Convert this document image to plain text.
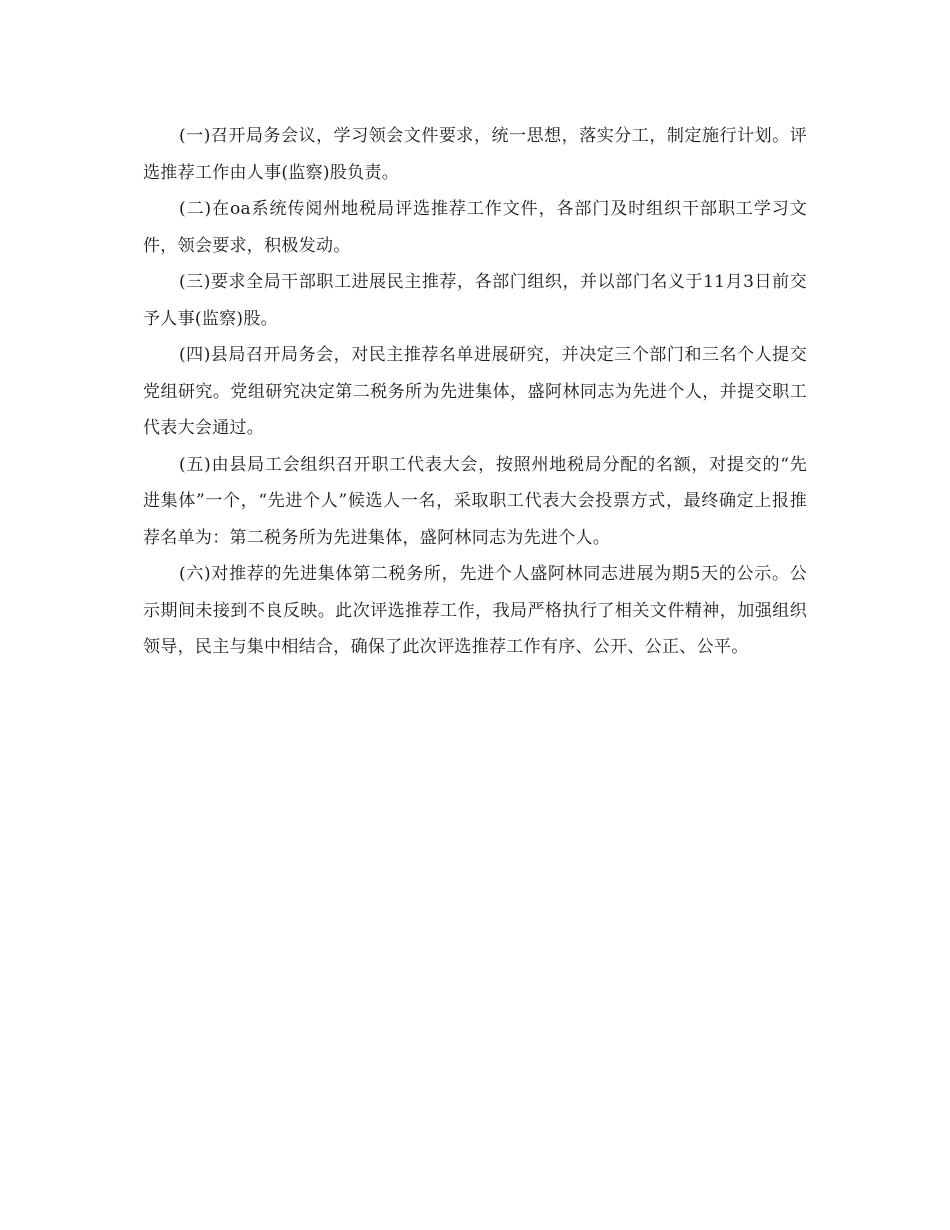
(一)召开局务会议，学习领会文件要求，统一思想，落实分工，制定施行计划。评选推荐工作由人事(监察)股负责。

(二)在oa系统传阅州地税局评选推荐工作文件，各部门及时组织干部职工学习文件，领会要求，积极发动。

(三)要求全局干部职工进展民主推荐，各部门组织，并以部门名义于11月3日前交予人事(监察)股。

(四)县局召开局务会，对民主推荐名单进展研究，并决定三个部门和三名个人提交党组研究。党组研究决定第二税务所为先进集体，盛阿林同志为先进个人，并提交职工代表大会通过。

(五)由县局工会组织召开职工代表大会，按照州地税局分配的名额，对提交的“先进集体”一个，“先进个人”候选人一名，采取职工代表大会投票方式，最终确定上报推荐名单为：第二税务所为先进集体，盛阿林同志为先进个人。

(六)对推荐的先进集体第二税务所，先进个人盛阿林同志进展为期5天的公示。公示期间未接到不良反映。此次评选推荐工作，我局严格执行了相关文件精神，加强组织领导，民主与集中相结合，确保了此次评选推荐工作有序、公开、公正、公平。
